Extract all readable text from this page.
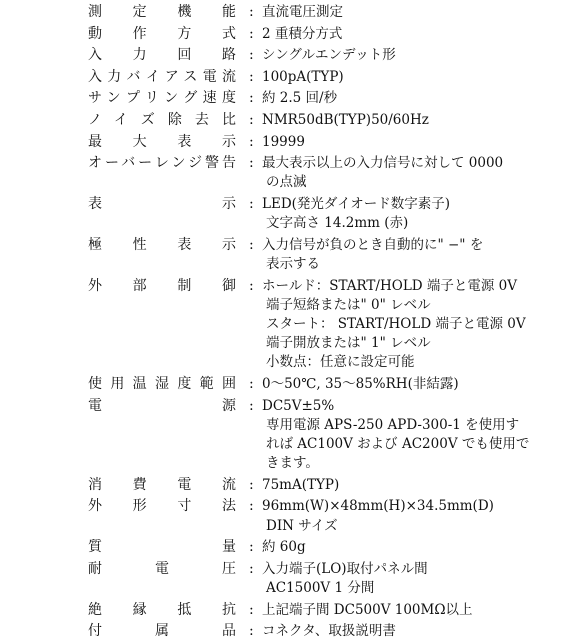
測定機能 : 直流電圧測定
動作方式 : 2 重積分方式
入力回路 : シングルエンデット形
入力バイアス電流 : 100pA(TYP)
サンプリング速度 : 約 2.5 回/秒
ノイズ除去比 : NMR50dB(TYP)50/60Hz
最大表示 : 19999
オーバーレンジ警告 : 最大表示以上の入力信号に対して 0000
の点滅
表示 : LED(発光ダイオード数字素子)
文字高さ 14.2mm (赤)
極性表示 : 入力信号が負のとき自動的に" −" を
表示する
外部制御 : ホールド：START/HOLD 端子と電源 0V
端子短絡または" 0" レベル
スタート： START/HOLD 端子と電源 0V
端子開放または" 1" レベル
小数点：任意に設定可能
使用温湿度範囲 : 0〜50℃, 35〜85%RH(非結露)
電源 : DC5V±5%
専用電源 APS-250 APD-300-1 を使用す
れば AC100V および AC200V でも使用で
きます。
消費電流 : 75mA(TYP)
外形寸法 : 96mm(W)×48mm(H)×34.5mm(D)
DIN サイズ
質量 : 約 60g
耐電圧 : 入力端子(LO)取付パネル間
AC1500V 1 分間
絶縁抵抗 : 上記端子間 DC500V 100MΩ以上
付属品 : コネクタ、取扱説明書
